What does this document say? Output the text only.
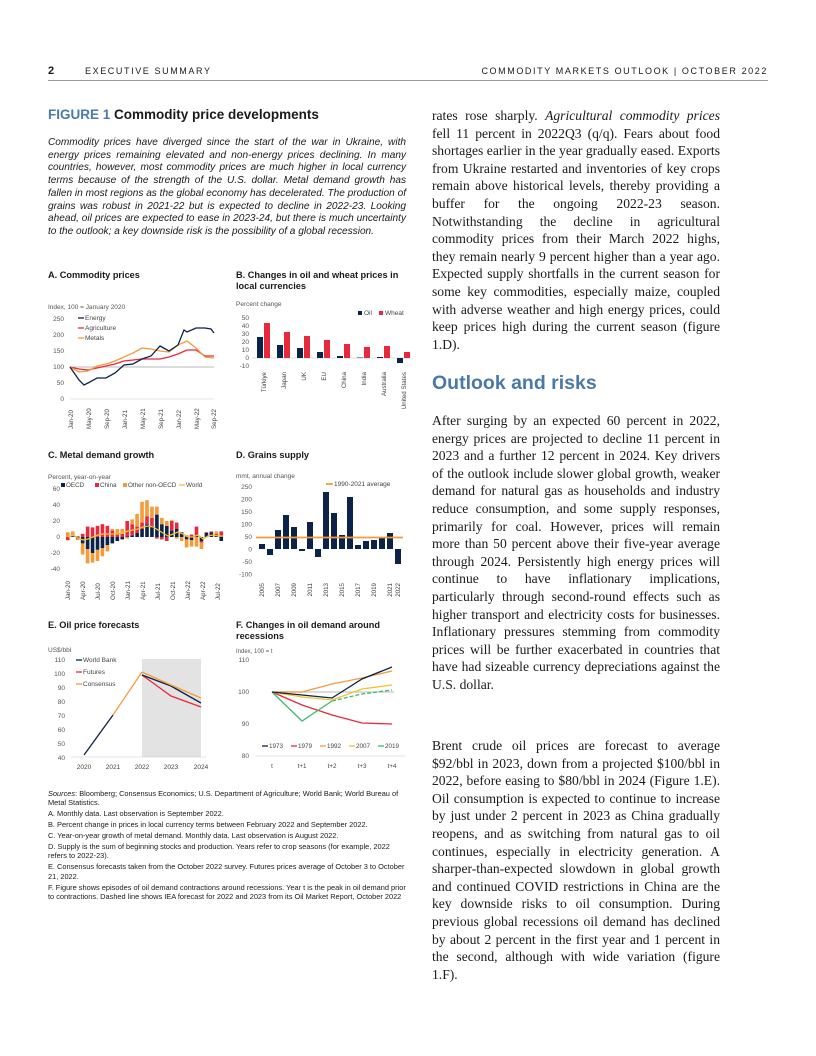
2	EXECUTIVE SUMMARY	COMMODITY MARKETS OUTLOOK | OCTOBER 2022
FIGURE 1 Commodity price developments
Commodity prices have diverged since the start of the war in Ukraine, with energy prices remaining elevated and non-energy prices declining. In many countries, however, most commodity prices are much higher in local currency terms because of the strength of the U.S. dollar. Metal demand growth has fallen in most regions as the global economy has decelerated. The production of grains was robust in 2021-22 but is expected to decline in 2022-23. Looking ahead, oil prices are expected to ease in 2023-24, but there is much uncertainty to the outlook; a key downside risk is the possibility of a global recession.
A. Commodity prices
Index, 100 = January 2020
250
200
150
100
50
0
Energy
Agriculture
Metals
Jan-20 May-20 Sep-20 Jan-21 May-21 Sep-21 Jan-22 May-22 Sep-22
B. Changes in oil and wheat prices in local currencies
Percent change
Oil Wheat
50
40
30
20
10
0
-10
Türkiye Japan UK EU China India Australia United States
C. Metal demand growth
Percent, year-on-year
OECD	China Other non-OECD World
60
40
20
0
-20
-40
Jan-20 Apr-20 Jul-20 Oct-20 Jan-21 Apr-21 Jul-21 Oct-21 Jan-22 Apr-22 Jul-22
D. Grains supply
mmt, annual change
1990-2021 average
250
200
150
100
50
0
-50
-100
2005 2007 2009 2011 2013 2015 2017 2019 2021 2022
E. Oil price forecasts
US$/bbl
110
100
90
80
70
60
50
40
World Bank
Futures
Consensus
2020 2021 2022 2023 2024
F. Changes in oil demand around recessions
Index, 100 = t
110
100
90
80
1973 1979 1992 2007 2019
t	t+1	t+2	t+3	t+4

Sources: Bloomberg; Consensus Economics; U.S. Department of Agriculture; World Bank; World Bureau of Metal Statistics.

A. Monthly data. Last observation is September 2022.

B. Percent change in prices in local currency terms between February 2022 and September 2022.

C. Year-on-year growth of metal demand. Monthly data. Last observation is August 2022.

D. Supply is the sum of beginning stocks and production. Years refer to crop seasons (for example, 2022 refers to 2022-23).

E. Consensus forecasts taken from the October 2022 survey. Futures prices average of October 3 to October 21, 2022.

F. Figure shows episodes of oil demand contractions around recessions. Year t is the peak in oil demand prior to contractions. Dashed line shows IEA forecast for 2022 and 2023 from its Oil Market Report, October 2022

rates rose sharply. Agricultural commodity prices fell 11 percent in 2022Q3 (q/q). Fears about food shortages earlier in the year gradually eased. Exports from Ukraine restarted and inventories of key crops remain above historical levels, thereby providing a buffer for the ongoing 2022-23 season. Notwithstanding the decline in agricultural commodity prices from their March 2022 highs, they remain nearly 9 percent higher than a year ago. Expected supply shortfalls in the current season for some key commodities, especially maize, coupled with adverse weather and high energy prices, could keep prices high during the current season (figure 1.D).

Outlook and risks

After surging by an expected 60 percent in 2022, energy prices are projected to decline 11 percent in 2023 and a further 12 percent in 2024. Key drivers of the outlook include slower global growth, weaker demand for natural gas as households and industry reduce consumption, and some supply responses, primarily for coal. However, prices will remain more than 50 percent above their five-year average through 2024. Persistently high energy prices will continue to have inflationary implications, particularly through second-round effects such as higher transport and electricity costs for businesses. Inflationary pressures stemming from commodity prices will be further exacerbated in countries that have had sizeable currency depreciations against the U.S. dollar.

Brent crude oil prices are forecast to average $92/bbl in 2023, down from a projected $100/bbl in 2022, before easing to $80/bbl in 2024 (Figure 1.E). Oil consumption is expected to continue to increase by just under 2 percent in 2023 as China gradually reopens, and as switching from natural gas to oil continues, especially in electricity generation. A sharper-than-expected slowdown in global growth and continued COVID restrictions in China are the key downside risks to oil consumption. During previous global recessions oil demand has declined by about 2 percent in the first year and 1 percent in the second, although with wide variation (figure 1.F).
